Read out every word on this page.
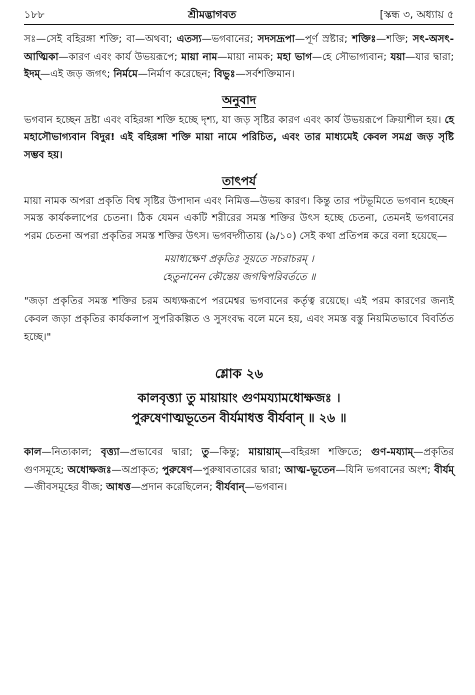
১৮৮	শ্রীমদ্ভাগবত	[স্কন্ধ ৩, অধ্যায় ৫

সঃ—সেই বহিরঙ্গা শক্তি; বা—অথবা; এতস্য—ভগবানের; সদসদ্রূপা—পূর্ণ স্রষ্টার; শক্তিঃ—শক্তি; সৎ-অসৎ-আত্মিকা—কারণ এবং কার্য উভয়রূপে; মায়া নাম—মায়া নামক; মহা ভাগ—হে সৌভাগ্যবান; যয়া—যার দ্বারা; ইদম্—এই জড় জগৎ; নির্মমে—নির্মাণ করেছেন; বিভুঃ—সর্বশক্তিমান।

অনুবাদ

ভগবান হচ্ছেন দ্রষ্টা এবং বহিরঙ্গা শক্তি হচ্ছে দৃশ্য, যা জড় সৃষ্টির কারণ এবং কার্য উভয়রূপে ক্রিয়াশীল হয়। হে মহাসৌভাগ্যবান বিদুর! এই বহিরঙ্গা শক্তি মায়া নামে পরিচিত, এবং তার মাধ্যমেই কেবল সমগ্র জড় সৃষ্টি সম্ভব হয়।

তাৎপর্য

মায়া নামক অপরা প্রকৃতি বিশ্ব সৃষ্টির উপাদান এবং নিমিত্ত—উভয় কারণ। কিন্তু তার পটভূমিতে ভগবান হচ্ছেন সমস্ত কার্যকলাপের চেতনা। ঠিক যেমন একটি শরীরের সমস্ত শক্তির উৎস হচ্ছে চেতনা, তেমনই ভগবানের পরম চেতনা অপরা প্রকৃতির সমস্ত শক্তির উৎস। ভগবদ্গীতায় (৯/১০) সেই কথা প্রতিপন্ন করে বলা হয়েছে—

ময়াধ্যক্ষেণ প্রকৃতিঃ সূয়তে সচরাচরম্ ।
হেতুনানেন কৌন্তেয় জগদ্বিপরিবর্ততে ॥

"জড়া প্রকৃতির সমস্ত শক্তির চরম অধ্যক্ষরূপে পরমেশ্বর ভগবানের কর্তৃত্ব রয়েছে। এই পরম কারণের জন্যই কেবল জড়া প্রকৃতির কার্যকলাপ সুপরিকল্পিত ও সুসংবদ্ধ বলে মনে হয়, এবং সমস্ত বস্তু নিয়মিতভাবে বিবর্তিত হচ্ছে।"

শ্লোক ২৬

কালবৃত্ত্যা তু মায়ায়াং গুণময্যামধোক্ষজঃ ।

পুরুষেণাত্মভূতেন বীর্যমাধত্ত বীর্যবান্ ॥ ২৬ ॥

কাল—নিত্যকাল; বৃত্ত্যা—প্রভাবের দ্বারা; তু—কিন্তু; মায়ায়াম্—বহিরঙ্গা শক্তিতে; গুণ-ময্যাম্—প্রকৃতির গুণসমূহে; অধোক্ষজঃ—অপ্রাকৃত; পুরুষেণ—পুরুষাবতারের দ্বারা; আত্ম-ভূতেন—যিনি ভগবানের অংশ; বীর্যম্—জীবসমূহের বীজ; আধত্ত—প্রদান করেছিলেন; বীর্যবান্—ভগবান।
